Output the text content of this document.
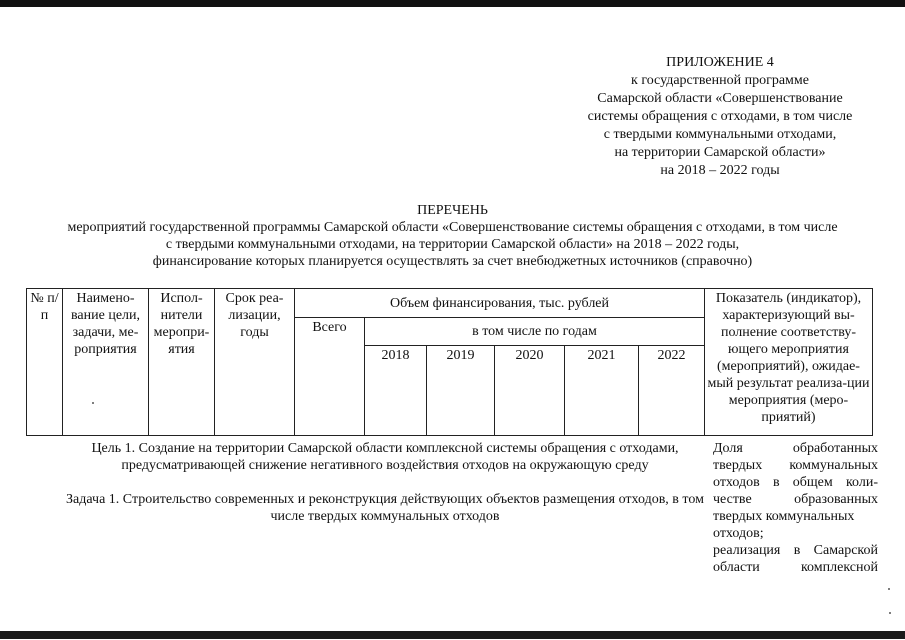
ПРИЛОЖЕНИЕ 4
к государственной программе
Самарской области «Совершенствование
системы обращения с отходами, в том числе
с твердыми коммунальными отходами,
на территории Самарской области»
на 2018 – 2022 годы
ПЕРЕЧЕНЬ
мероприятий государственной программы Самарской области «Совершенствование системы обращения с отходами, в том числе
с твердыми коммунальными отходами, на территории Самарской области» на 2018 – 2022 годы,
финансирование которых планируется осуществлять за счет внебюджетных источников (справочно)
№ п/п	Наимено-вание цели, задачи, ме-роприятия	Испол-нители меропри-ятия	Срок реа-лизации, годы	Объем финансирования, тыс. рублей						Показатель (индикатор), характеризующий вы-полнение соответству-ющего мероприятия (мероприятий), ожидае-мый результат реализа-ции мероприятия (меро-приятий)
				Всего	в том числе по годам					
					2018	2019	2020	2021	2022	
Цель 1. Создание на территории Самарской области комплексной системы обращения с отходами, предусматривающей снижение негативного воздействия отходов на окружающую среду
Задача 1. Строительство современных и реконструкция действующих объектов размещения отходов, в том числе твердых коммунальных отходов
Доля обработанных
твердых коммунальных
отходов в общем коли-
честве образованных
твердых коммунальных
отходов;
реализация в Самарской
области комплексной
